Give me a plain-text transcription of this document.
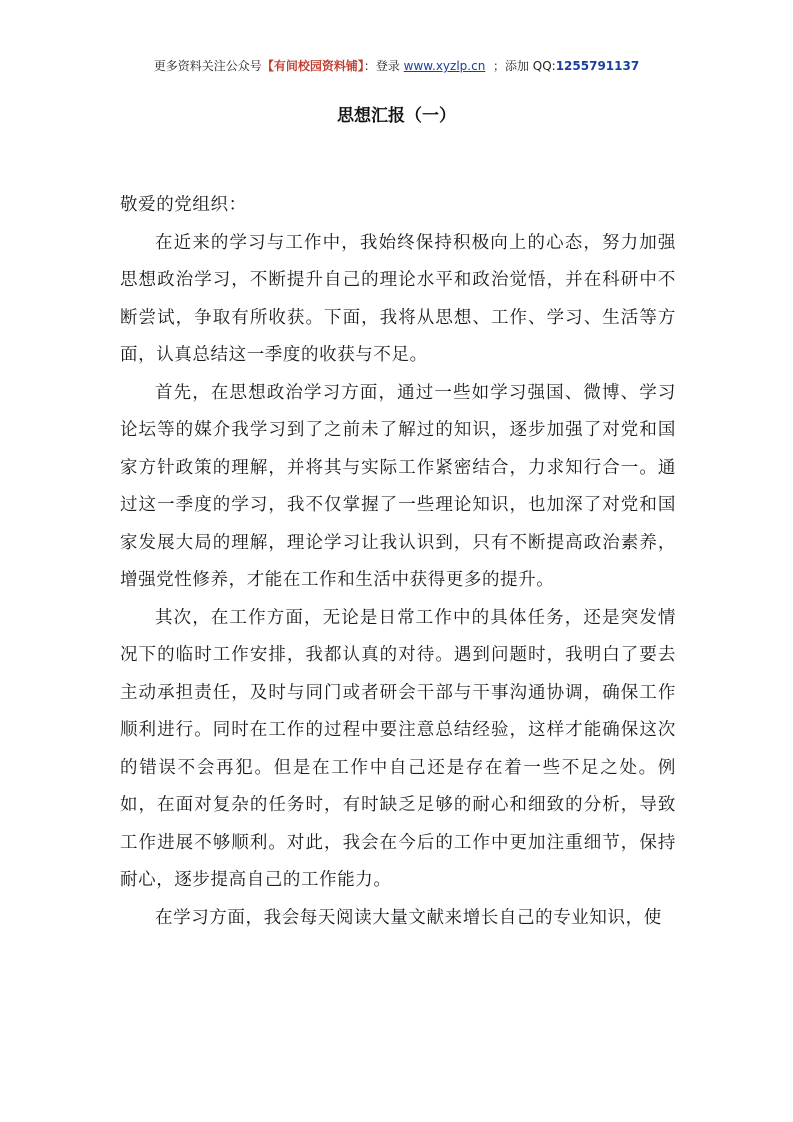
更多资料关注公众号【有间校园资料铺】：登录 www.xyzlp.cn ；添加 QQ:1255791137
思想汇报（一）

敬爱的党组织：

在近来的学习与工作中，我始终保持积极向上的心态，努力加强思想政治学习，不断提升自己的理论水平和政治觉悟，并在科研中不断尝试，争取有所收获。下面，我将从思想、工作、学习、生活等方面，认真总结这一季度的收获与不足。

首先，在思想政治学习方面，通过一些如学习强国、微博、学习论坛等的媒介我学习到了之前未了解过的知识，逐步加强了对党和国家方针政策的理解，并将其与实际工作紧密结合，力求知行合一。通过这一季度的学习，我不仅掌握了一些理论知识，也加深了对党和国家发展大局的理解，理论学习让我认识到，只有不断提高政治素养，增强党性修养，才能在工作和生活中获得更多的提升。

其次，在工作方面，无论是日常工作中的具体任务，还是突发情况下的临时工作安排，我都认真的对待。遇到问题时，我明白了要去主动承担责任，及时与同门或者研会干部与干事沟通协调，确保工作顺利进行。同时在工作的过程中要注意总结经验，这样才能确保这次的错误不会再犯。但是在工作中自己还是存在着一些不足之处。例如，在面对复杂的任务时，有时缺乏足够的耐心和细致的分析，导致工作进展不够顺利。对此，我会在今后的工作中更加注重细节，保持耐心，逐步提高自己的工作能力。

在学习方面，我会每天阅读大量文献来增长自己的专业知识，使
